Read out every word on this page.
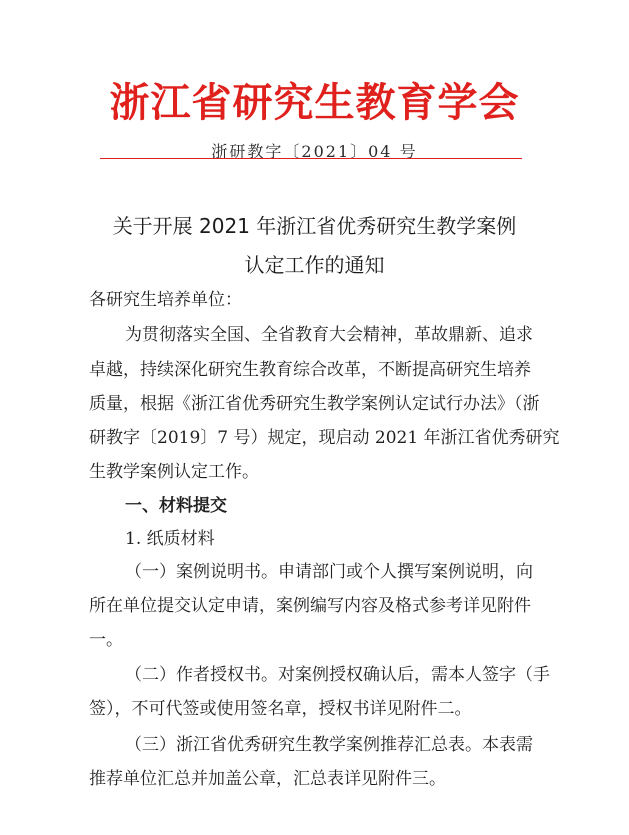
浙江省研究生教育学会
浙研教字〔2021〕04 号
关于开展 2021 年浙江省优秀研究生教学案例
认定工作的通知
各研究生培养单位：
为贯彻落实全国、全省教育大会精神，革故鼎新、追求
卓越，持续深化研究生教育综合改革，不断提高研究生培养
质量，根据《浙江省优秀研究生教学案例认定试行办法》（浙
研教字〔2019〕7 号）规定，现启动 2021 年浙江省优秀研究
生教学案例认定工作。
一、材料提交
1. 纸质材料
（一）案例说明书。申请部门或个人撰写案例说明，向
所在单位提交认定申请，案例编写内容及格式参考详见附件
一。
（二）作者授权书。对案例授权确认后，需本人签字（手
签），不可代签或使用签名章，授权书详见附件二。
（三）浙江省优秀研究生教学案例推荐汇总表。本表需
推荐单位汇总并加盖公章，汇总表详见附件三。
